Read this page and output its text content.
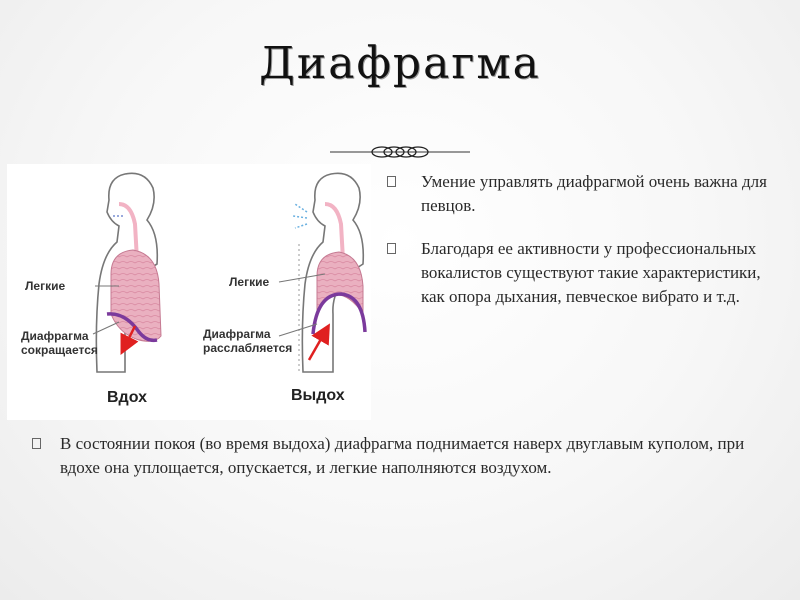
Диафрагма
Легкие
Диафрагма
сокращается
Вдох
Легкие
Диафрагма
расслабляется
Выдох
Умение управлять диафрагмой очень важна для певцов.
Благодаря ее активности у профессиональных вокалистов существуют такие характеристики, как опора дыхания, певческое вибрато и т.д.
В состоянии покоя (во время выдоха) диафрагма поднимается наверх двуглавым куполом, при вдохе она уплощается, опускается, и легкие наполняются воздухом.
